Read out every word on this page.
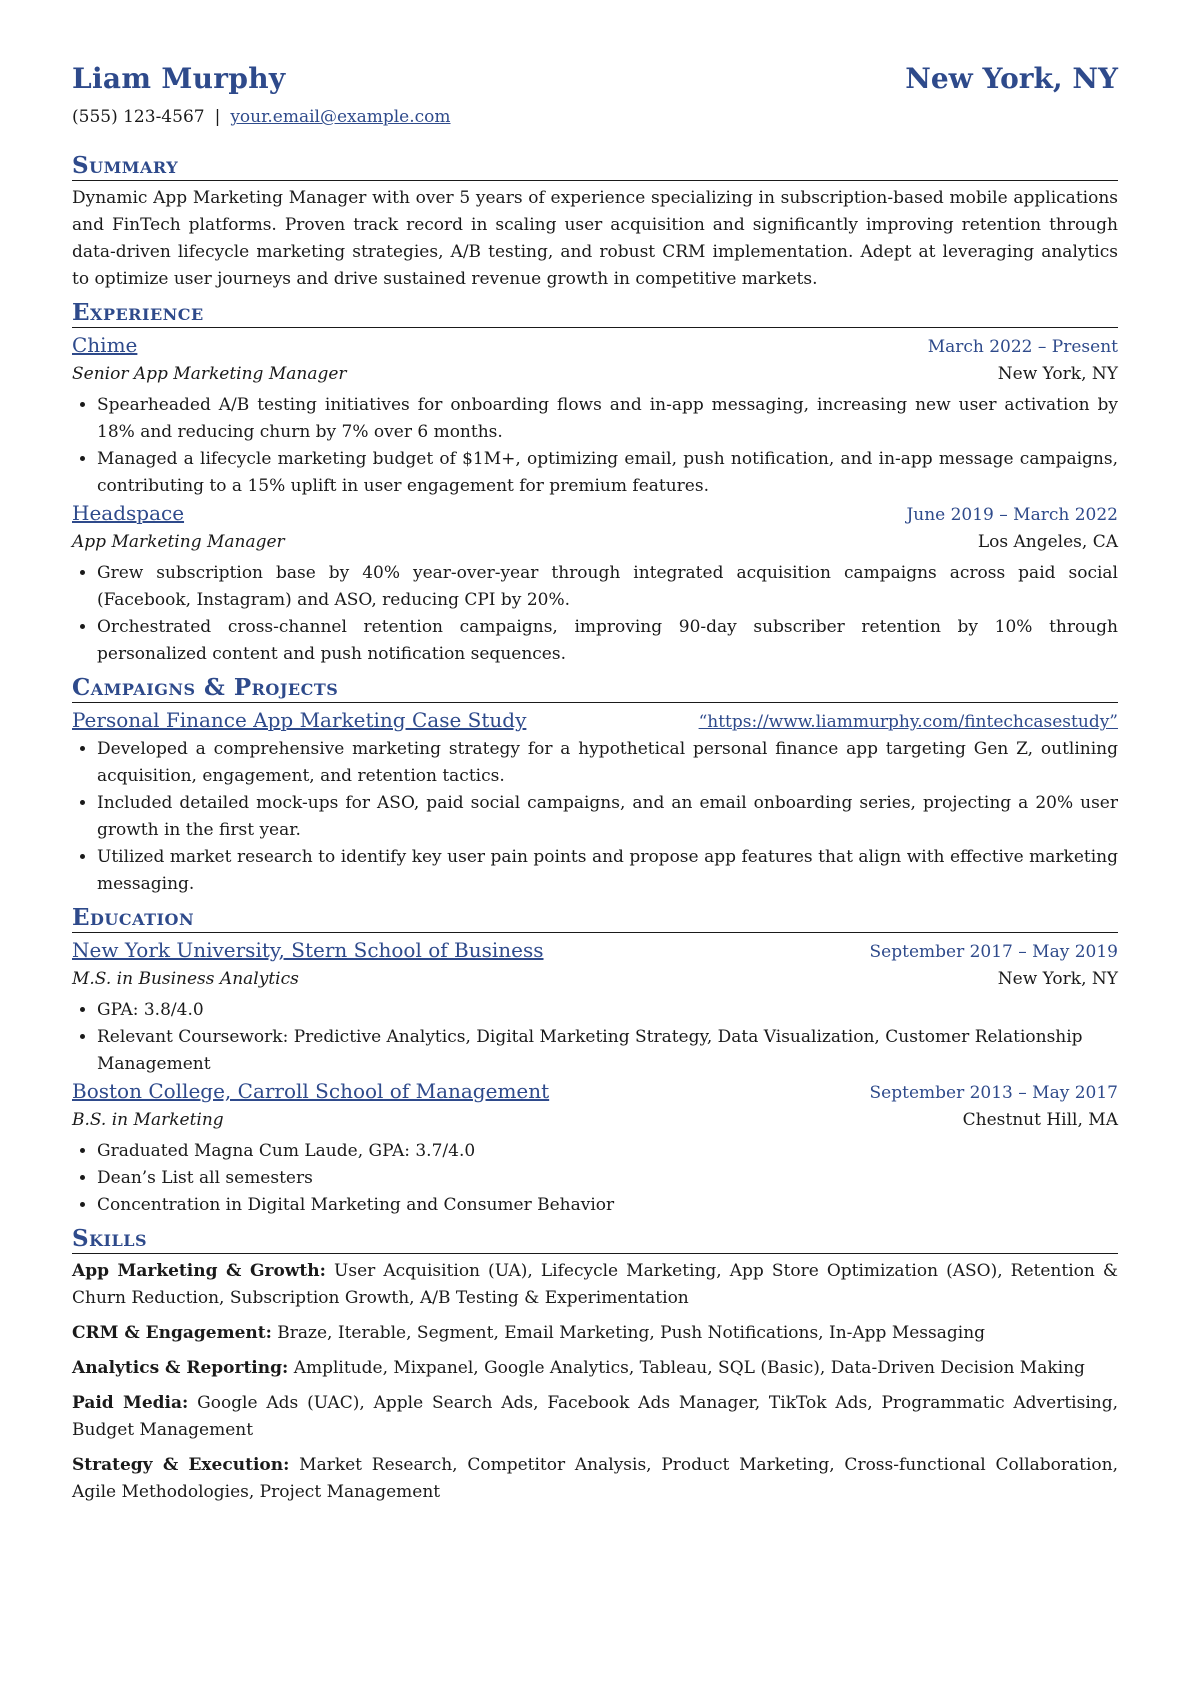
Liam Murphy	New York, NY
(555) 123-4567 | your.email@example.com
Summary

Dynamic App Marketing Manager with over 5 years of experience specializing in subscription-based mobile applications and FinTech platforms. Proven track record in scaling user acquisition and significantly improving retention through data-driven lifecycle marketing strategies, A/B testing, and robust CRM implementation. Adept at leveraging analytics to optimize user journeys and drive sustained revenue growth in competitive markets.

Experience
Chime	March 2022 – Present
Senior App Marketing Manager	New York, NY
• Spearheaded A/B testing initiatives for onboarding flows and in-app messaging, increasing new user activation by 18% and reducing churn by 7% over 6 months.
• Managed a lifecycle marketing budget of $1M+, optimizing email, push notification, and in-app message campaigns, contributing to a 15% uplift in user engagement for premium features.
Headspace	June 2019 – March 2022
App Marketing Manager	Los Angeles, CA
• Grew subscription base by 40% year-over-year through integrated acquisition campaigns across paid social (Facebook, Instagram) and ASO, reducing CPI by 20%.
• Orchestrated cross-channel retention campaigns, improving 90-day subscriber retention by 10% through personalized content and push notification sequences.
Campaigns & Projects
Personal Finance App Marketing Case Study	“https://www.liammurphy.com/fintechcasestudy”
• Developed a comprehensive marketing strategy for a hypothetical personal finance app targeting Gen Z, outlining acquisition, engagement, and retention tactics.
• Included detailed mock-ups for ASO, paid social campaigns, and an email onboarding series, projecting a 20% user growth in the first year.
• Utilized market research to identify key user pain points and propose app features that align with effective marketing messaging.
Education
New York University, Stern School of Business	September 2017 – May 2019
M.S. in Business Analytics	New York, NY
• GPA: 3.8/4.0
• Relevant Coursework: Predictive Analytics, Digital Marketing Strategy, Data Visualization, Customer Relationship Management
Boston College, Carroll School of Management	September 2013 – May 2017
B.S. in Marketing	Chestnut Hill, MA
• Graduated Magna Cum Laude, GPA: 3.7/4.0
• Dean’s List all semesters
• Concentration in Digital Marketing and Consumer Behavior
Skills

App Marketing & Growth: User Acquisition (UA), Lifecycle Marketing, App Store Optimization (ASO), Retention & Churn Reduction, Subscription Growth, A/B Testing & Experimentation

CRM & Engagement: Braze, Iterable, Segment, Email Marketing, Push Notifications, In-App Messaging

Analytics & Reporting: Amplitude, Mixpanel, Google Analytics, Tableau, SQL (Basic), Data-Driven Decision Making

Paid Media: Google Ads (UAC), Apple Search Ads, Facebook Ads Manager, TikTok Ads, Programmatic Advertising, Budget Management

Strategy & Execution: Market Research, Competitor Analysis, Product Marketing, Cross-functional Collaboration, Agile Methodologies, Project Management
